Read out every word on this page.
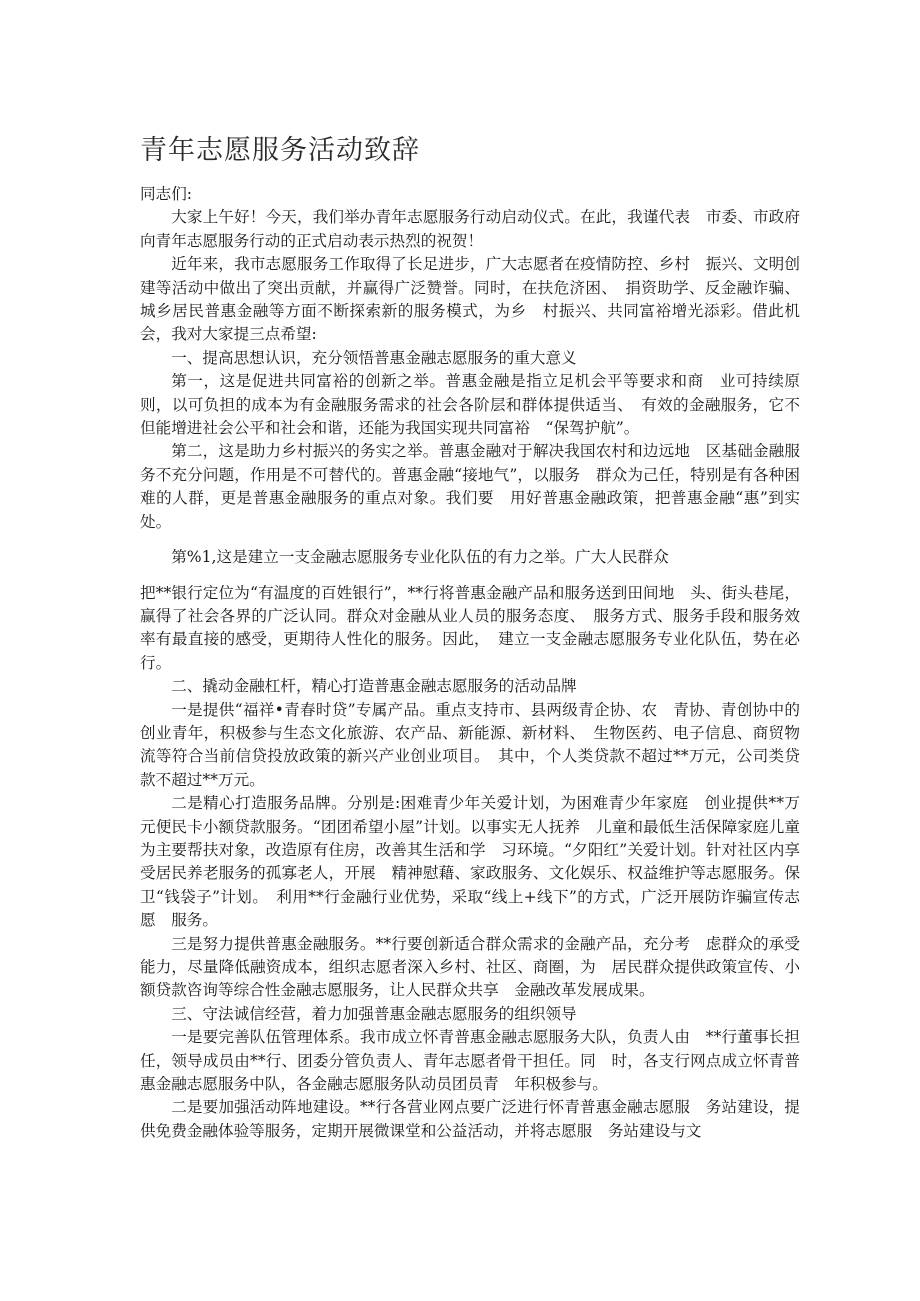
青年志愿服务活动致辞

同志们:

大家上午好！今天，我们举办青年志愿服务行动启动仪式。在此，我谨代表　市委、市政府向青年志愿服务行动的正式启动表示热烈的祝贺！

近年来，我市志愿服务工作取得了长足进步，广大志愿者在疫情防控、乡村　振兴、文明创建等活动中做出了突出贡献，并赢得广泛赞誉。同时，在扶危济困、　捐资助学、反金融诈骗、城乡居民普惠金融等方面不断探索新的服务模式，为乡　村振兴、共同富裕增光添彩。借此机会，我对大家提三点希望:

一、提高思想认识，充分领悟普惠金融志愿服务的重大意义

第一，这是促进共同富裕的创新之举。普惠金融是指立足机会平等要求和商　业可持续原则，以可负担的成本为有金融服务需求的社会各阶层和群体提供适当、　有效的金融服务，它不但能增进社会公平和社会和谐，还能为我国实现共同富裕　“保驾护航”。

第二，这是助力乡村振兴的务实之举。普惠金融对于解决我国农村和边远地　区基础金融服务不充分问题，作用是不可替代的。普惠金融“接地气”，以服务　群众为己任，特别是有各种困难的人群，更是普惠金融服务的重点对象。我们要　用好普惠金融政策，把普惠金融“惠”到实处。

第%1,这是建立一支金融志愿服务专业化队伍的有力之举。广大人民群众

把**银行定位为“有温度的百姓银行”，**行将普惠金融产品和服务送到田间地　头、街头巷尾，赢得了社会各界的广泛认同。群众对金融从业人员的服务态度、　服务方式、服务手段和服务效率有最直接的感受，更期待人性化的服务。因此，　建立一支金融志愿服务专业化队伍，势在必行。

二、撬动金融杠杆，精心打造普惠金融志愿服务的活动品牌

一是提供“福祥•青春时贷”专属产品。重点支持市、县两级青企协、农　青协、青创协中的创业青年，积极参与生态文化旅游、农产品、新能源、新材料、　生物医药、电子信息、商贸物流等符合当前信贷投放政策的新兴产业创业项目。　其中，个人类贷款不超过**万元，公司类贷款不超过**万元。

二是精心打造服务品牌。分别是:困难青少年关爱计划，为困难青少年家庭　创业提供**万元便民卡小额贷款服务。“团团希望小屋”计划。以事实无人抚养　儿童和最低生活保障家庭儿童为主要帮扶对象，改造原有住房，改善其生活和学　习环境。“夕阳红”关爱计划。针对社区内享受居民养老服务的孤寡老人，开展　精神慰藉、家政服务、文化娱乐、权益维护等志愿服务。保卫“钱袋子”计划。　利用**行金融行业优势，采取“线上+线下”的方式，广泛开展防诈骗宣传志愿　服务。

三是努力提供普惠金融服务。**行要创新适合群众需求的金融产品，充分考　虑群众的承受能力，尽量降低融资成本，组织志愿者深入乡村、社区、商圈，为　居民群众提供政策宣传、小额贷款咨询等综合性金融志愿服务，让人民群众共享　金融改革发展成果。

三、守法诚信经营，着力加强普惠金融志愿服务的组织领导

一是要完善队伍管理体系。我市成立怀青普惠金融志愿服务大队，负责人由　**行董事长担任，领导成员由**行、团委分管负责人、青年志愿者骨干担任。同　时，各支行网点成立怀青普惠金融志愿服务中队，各金融志愿服务队动员团员青　年积极参与。

二是要加强活动阵地建设。**行各营业网点要广泛进行怀青普惠金融志愿服　务站建设，提供免费金融体验等服务，定期开展微课堂和公益活动，并将志愿服　务站建设与文
